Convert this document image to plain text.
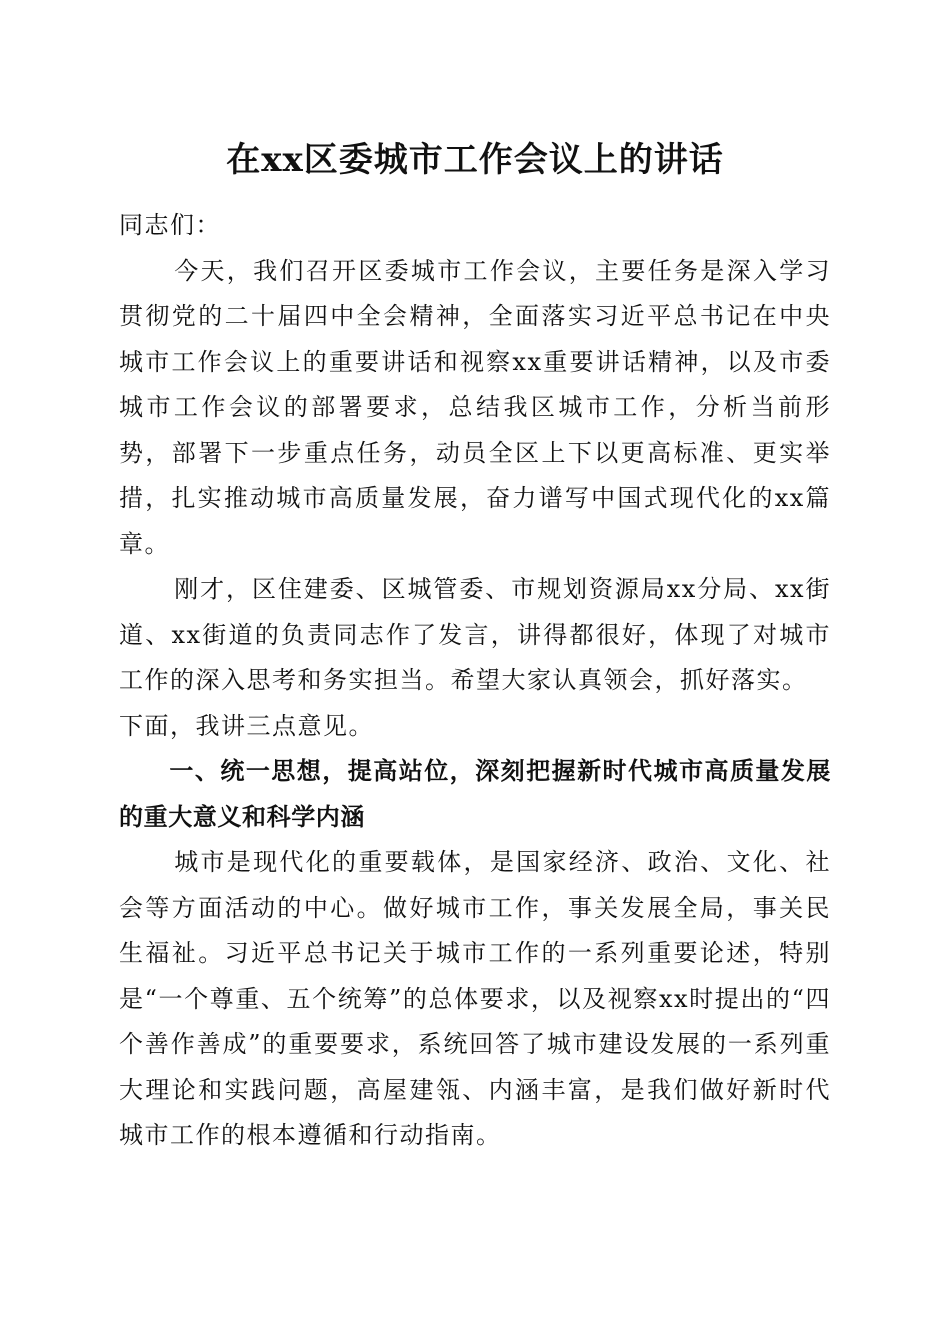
在xx区委城市工作会议上的讲话

同志们：

今天，我们召开区委城市工作会议，主要任务是深入学习贯彻党的二十届四中全会精神，全面落实习近平总书记在中央城市工作会议上的重要讲话和视察xx重要讲话精神，以及市委城市工作会议的部署要求，总结我区城市工作，分析当前形势，部署下一步重点任务，动员全区上下以更高标准、更实举措，扎实推动城市高质量发展，奋力谱写中国式现代化的xx篇章。

刚才，区住建委、区城管委、市规划资源局xx分局、xx街道、xx街道的负责同志作了发言，讲得都很好，体现了对城市工作的深入思考和务实担当。希望大家认真领会，抓好落实。

下面，我讲三点意见。

一、统一思想，提高站位，深刻把握新时代城市高质量发展的重大意义和科学内涵

城市是现代化的重要载体，是国家经济、政治、文化、社会等方面活动的中心。做好城市工作，事关发展全局，事关民生福祉。习近平总书记关于城市工作的一系列重要论述，特别是“一个尊重、五个统筹”的总体要求，以及视察xx时提出的“四个善作善成”的重要要求，系统回答了城市建设发展的一系列重大理论和实践问题，高屋建瓴、内涵丰富，是我们做好新时代城市工作的根本遵循和行动指南。
